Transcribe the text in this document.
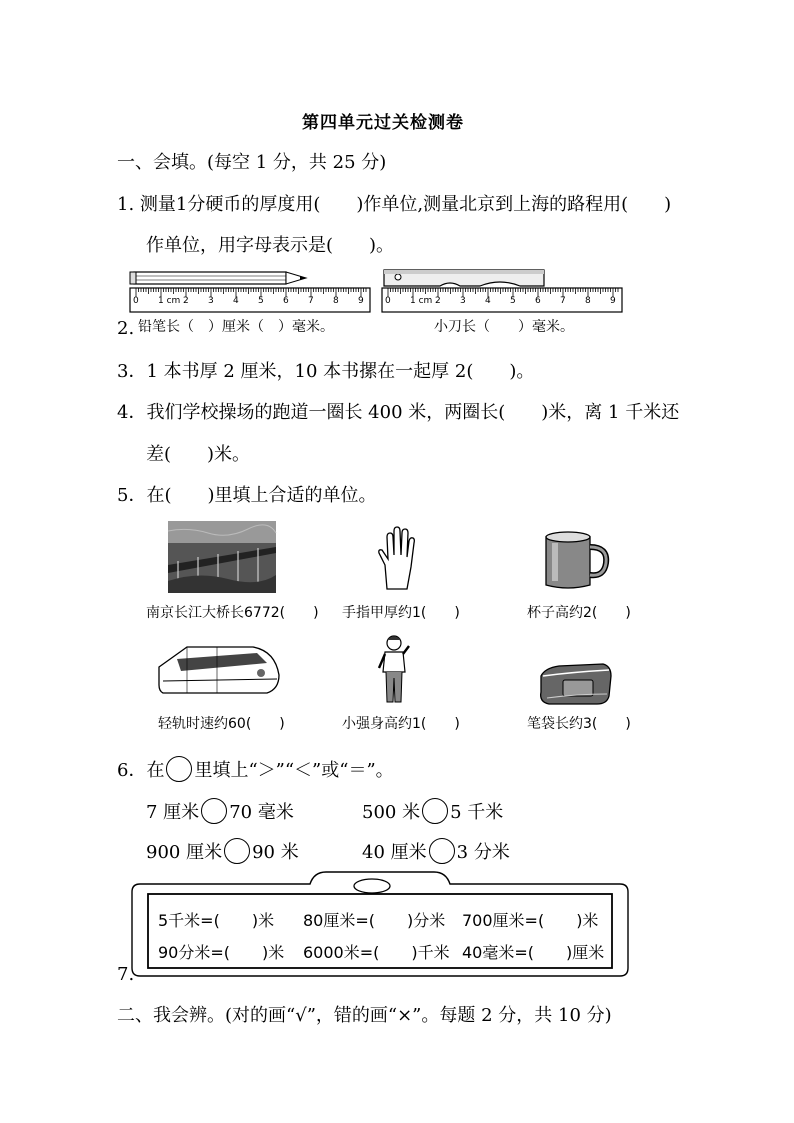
第四单元过关检测卷
一、会填。(每空 1 分，共 25 分)
1. 测量1分硬币的厚度用(　　)作单位,测量北京到上海的路程用(　　)
作单位，用字母表示是(　　)。
0 1 cm 2 3 4 5 6 7 8 9 0 1 cm 2 3 4 5 6 7 8 9
2. 铅笔长（　）厘米（　）毫米。	小刀长（　　）毫米。
3．1 本书厚 2 厘米，10 本书摞在一起厚 2(　　)。
4．我们学校操场的跑道一圈长 400 米，两圈长(　　)米，离 1 千米还
差(　　)米。
5．在(　　)里填上合适的单位。
南京长江大桥长6772(　　) 手指甲厚约1(　　)	杯子高约2(　　)
轻轨时速约60(　　)	小强身高约1(　　)	笔袋长约3(　　)
6．在 里填上“＞”“＜”或“＝”。
7 厘米 70 毫米	500 米 5 千米
900 厘米 90 米	40 厘米 3 分米
5千米=(　　)米 80厘米=(　　)分米 700厘米=(　　)米
90分米=(　　)米 6000米=(　　)千米 40毫米=(　　)厘米
7.
二、我会辨。(对的画“√”，错的画“×”。每题 2 分，共 10 分)
